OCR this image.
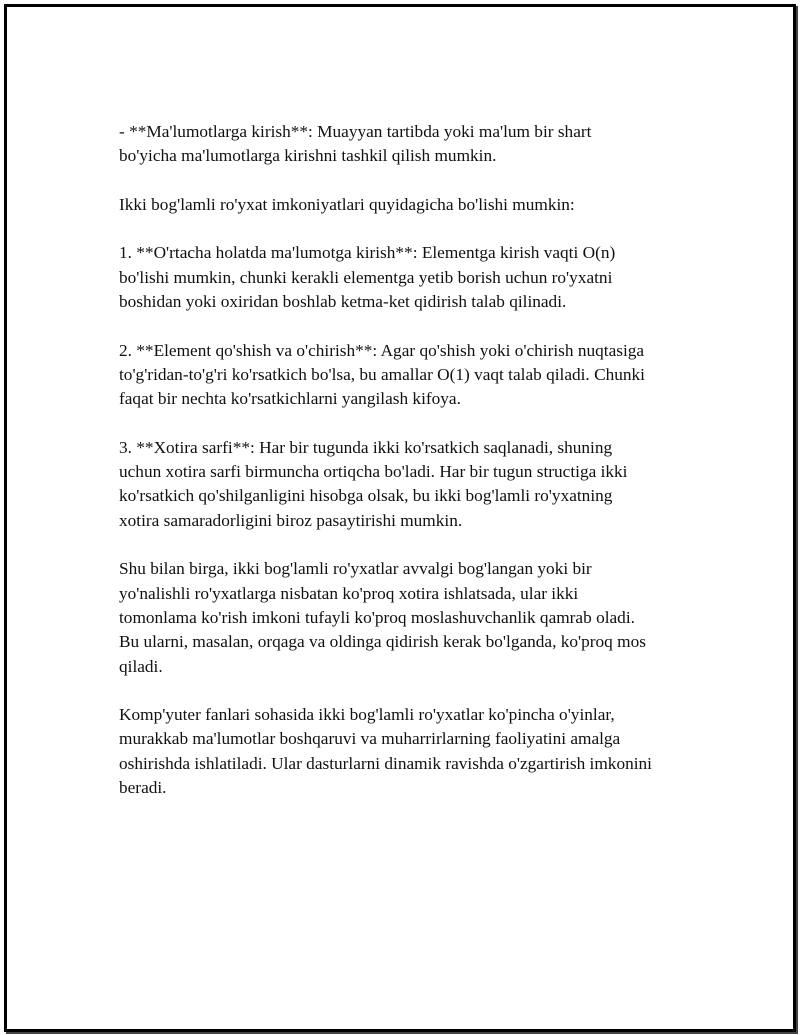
- **Ma'lumotlarga kirish**: Muayyan tartibda yoki ma'lum bir shart
bo'yicha ma'lumotlarga kirishni tashkil qilish mumkin.

Ikki bog'lamli ro'yxat imkoniyatlari quyidagicha bo'lishi mumkin:

1. **O'rtacha holatda ma'lumotga kirish**: Elementga kirish vaqti O(n)
bo'lishi mumkin, chunki kerakli elementga yetib borish uchun ro'yxatni
boshidan yoki oxiridan boshlab ketma-ket qidirish talab qilinadi.

2. **Element qo'shish va o'chirish**: Agar qo'shish yoki o'chirish nuqtasiga
to'g'ridan-to'g'ri ko'rsatkich bo'lsa, bu amallar O(1) vaqt talab qiladi. Chunki
faqat bir nechta ko'rsatkichlarni yangilash kifoya.

3. **Xotira sarfi**: Har bir tugunda ikki ko'rsatkich saqlanadi, shuning
uchun xotira sarfi birmuncha ortiqcha bo'ladi. Har bir tugun structiga ikki
ko'rsatkich qo'shilganligini hisobga olsak, bu ikki bog'lamli ro'yxatning
xotira samaradorligini biroz pasaytirishi mumkin.

Shu bilan birga, ikki bog'lamli ro'yxatlar avvalgi bog'langan yoki bir
yo'nalishli ro'yxatlarga nisbatan ko'proq xotira ishlatsada, ular ikki
tomonlama ko'rish imkoni tufayli ko'proq moslashuvchanlik qamrab oladi.
Bu ularni, masalan, orqaga va oldinga qidirish kerak bo'lganda, ko'proq mos
qiladi.

Komp'yuter fanlari sohasida ikki bog'lamli ro'yxatlar ko'pincha o'yinlar,
murakkab ma'lumotlar boshqaruvi va muharrirlarning faoliyatini amalga
oshirishda ishlatiladi. Ular dasturlarni dinamik ravishda o'zgartirish imkonini
beradi.
